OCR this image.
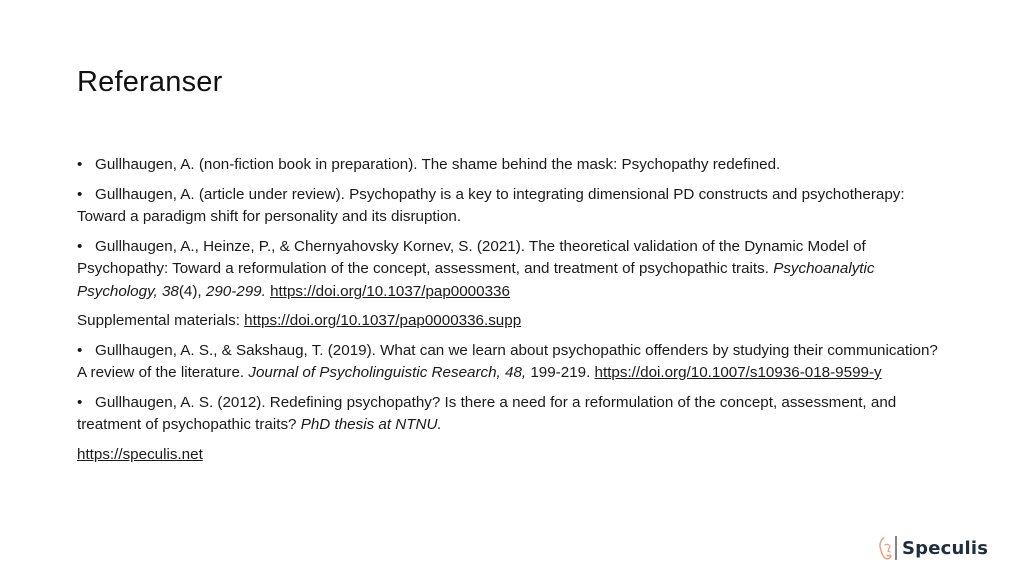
Referanser

• Gullhaugen, A. (non-fiction book in preparation). The shame behind the mask: Psychopathy redefined.

• Gullhaugen, A. (article under review). Psychopathy is a key to integrating dimensional PD constructs and psychotherapy: Toward a paradigm shift for personality and its disruption.

• Gullhaugen, A., Heinze, P., & Chernyahovsky Kornev, S. (2021). The theoretical validation of the Dynamic Model of Psychopathy: Toward a reformulation of the concept, assessment, and treatment of psychopathic traits. Psychoanalytic Psychology, 38(4), 290-299. https://doi.org/10.1037/pap0000336

Supplemental materials: https://doi.org/10.1037/pap0000336.supp

• Gullhaugen, A. S., & Sakshaug, T. (2019). What can we learn about psychopathic offenders by studying their communication? A review of the literature. Journal of Psycholinguistic Research, 48, 199-219. https://doi.org/10.1007/s10936-018-9599-y

• Gullhaugen, A. S. (2012). Redefining psychopathy? Is there a need for a reformulation of the concept, assessment, and treatment of psychopathic traits? PhD thesis at NTNU.

https://speculis.net

Speculis
